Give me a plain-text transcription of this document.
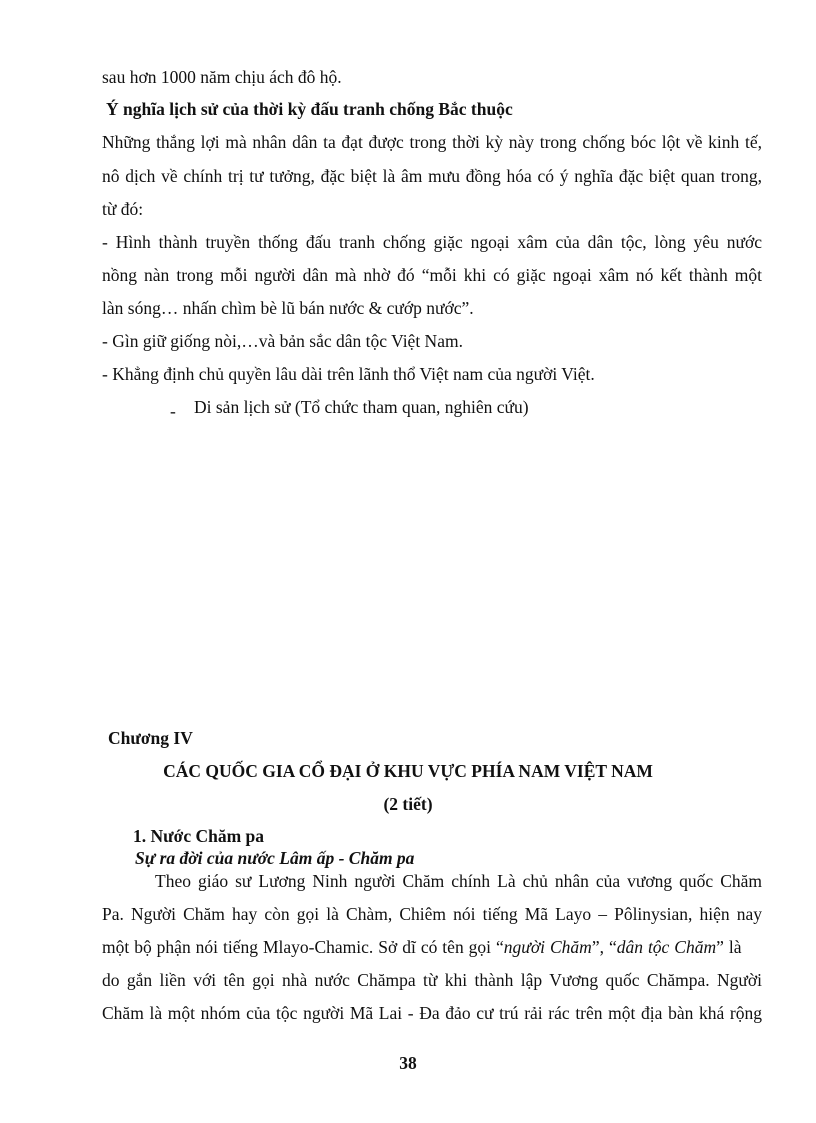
sau hơn 1000 năm chịu ách đô hộ.
Ý nghĩa lịch sử của thời kỳ đấu tranh chống Bắc thuộc
Những thắng lợi mà nhân dân ta đạt được trong thời kỳ này trong chống bóc lột về kinh tế,
nô dịch về chính trị tư tưởng, đặc biệt là âm mưu đồng hóa có ý nghĩa đặc biệt quan trong,
từ đó:
- Hình thành truyền thống đấu tranh chống giặc ngoại xâm của dân tộc, lòng yêu nước
nồng nàn trong mỗi người dân mà nhờ đó “mỗi khi có giặc ngoại xâm nó kết thành một
làn sóng… nhấn chìm bè lũ bán nước & cướp nước”.
- Gìn giữ giống nòi,…và bản sắc dân tộc Việt Nam.
- Khẳng định chủ quyền lâu dài trên lãnh thổ Việt nam của người Việt.
- Di sản lịch sử (Tổ chức tham quan, nghiên cứu)
Chương IV
CÁC QUỐC GIA CỔ ĐẠI Ở KHU VỰC PHÍA NAM VIỆT NAM
(2 tiết)
1. Nước Chăm pa
Sự ra đời của nước Lâm ấp - Chăm pa
Theo giáo sư Lương Ninh người Chăm chính Là chủ nhân của vương quốc Chăm
Pa. Người Chăm hay còn gọi là Chàm, Chiêm nói tiếng Mã Layo – Pôlinysian, hiện nay
một bộ phận nói tiếng Mlayo-Chamic. Sở dĩ có tên gọi “người Chăm”, “dân tộc Chăm” là
do gắn liền với tên gọi nhà nước Chămpa từ khi thành lập Vương quốc Chămpa. Người
Chăm là một nhóm của tộc người Mã Lai - Đa đảo cư trú rải rác trên một địa bàn khá rộng
38
